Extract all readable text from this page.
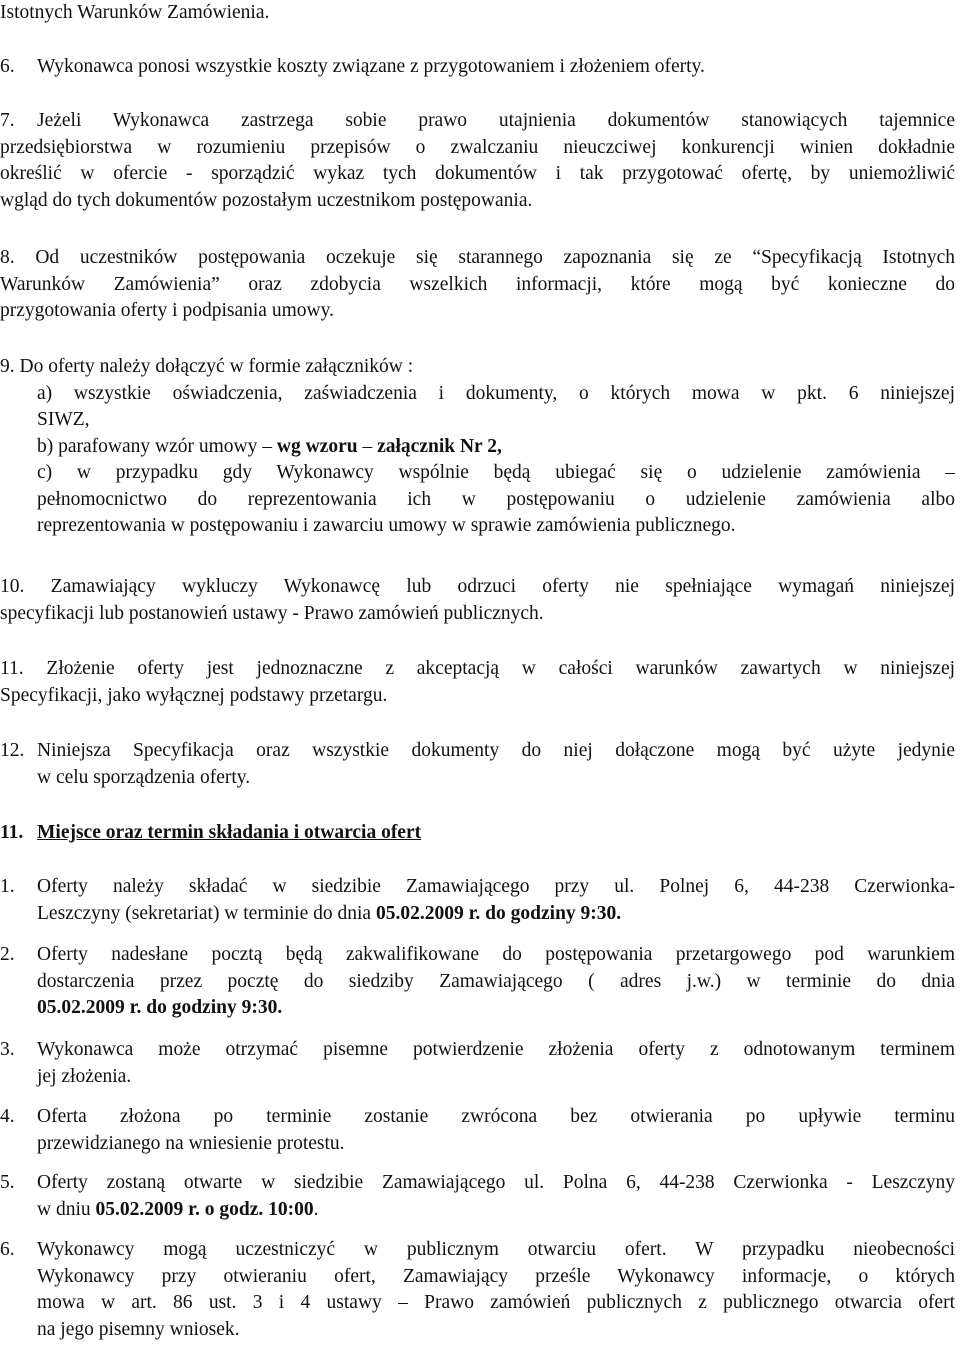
Istotnych Warunków Zamówienia.
6. Wykonawca ponosi wszystkie koszty związane z przygotowaniem i złożeniem oferty.
7. Jeżeli Wykonawca zastrzega sobie prawo utajnienia dokumentów stanowiących tajemnice
przedsiębiorstwa w rozumieniu przepisów o zwalczaniu nieuczciwej konkurencji winien dokładnie
określić w ofercie - sporządzić wykaz tych dokumentów i tak przygotować ofertę, by uniemożliwić
wgląd do tych dokumentów pozostałym uczestnikom postępowania.
8. Od uczestników postępowania oczekuje się starannego zapoznania się ze “Specyfikacją Istotnych
Warunków Zamówienia” oraz zdobycia wszelkich informacji, które mogą być konieczne do
przygotowania oferty i podpisania umowy.
9. Do oferty należy dołączyć w formie załączników :
a) wszystkie oświadczenia, zaświadczenia i dokumenty, o których mowa w pkt. 6 niniejszej
SIWZ,
b) parafowany wzór umowy – wg wzoru – załącznik Nr 2,
c) w przypadku gdy Wykonawcy wspólnie będą ubiegać się o udzielenie zamówienia –
pełnomocnictwo do reprezentowania ich w postępowaniu o udzielenie zamówienia albo
reprezentowania w postępowaniu i zawarciu umowy w sprawie zamówienia publicznego.
10. Zamawiający wykluczy Wykonawcę lub odrzuci oferty nie spełniające wymagań niniejszej
specyfikacji lub postanowień ustawy - Prawo zamówień publicznych.
11. Złożenie oferty jest jednoznaczne z akceptacją w całości warunków zawartych w niniejszej
Specyfikacji, jako wyłącznej podstawy przetargu.
12. Niniejsza Specyfikacja oraz wszystkie dokumenty do niej dołączone mogą być użyte jedynie
w celu sporządzenia oferty.
11. Miejsce oraz termin składania i otwarcia ofert
1. Oferty należy składać w siedzibie Zamawiającego przy ul. Polnej 6, 44-238 Czerwionka-
Leszczyny (sekretariat) w terminie do dnia 05.02.2009 r. do godziny 9:30.
2. Oferty nadesłane pocztą będą zakwalifikowane do postępowania przetargowego pod warunkiem
dostarczenia przez pocztę do siedziby Zamawiającego ( adres j.w.) w terminie do dnia
05.02.2009 r. do godziny 9:30.
3. Wykonawca może otrzymać pisemne potwierdzenie złożenia oferty z odnotowanym terminem
jej złożenia.
4. Oferta złożona po terminie zostanie zwrócona bez otwierania po upływie terminu
przewidzianego na wniesienie protestu.
5. Oferty zostaną otwarte w siedzibie Zamawiającego ul. Polna 6, 44-238 Czerwionka - Leszczyny
w dniu 05.02.2009 r. o godz. 10:00.
6. Wykonawcy mogą uczestniczyć w publicznym otwarciu ofert. W przypadku nieobecności
Wykonawcy przy otwieraniu ofert, Zamawiający prześle Wykonawcy informacje, o których
mowa w art. 86 ust. 3 i 4 ustawy – Prawo zamówień publicznych z publicznego otwarcia ofert
na jego pisemny wniosek.
